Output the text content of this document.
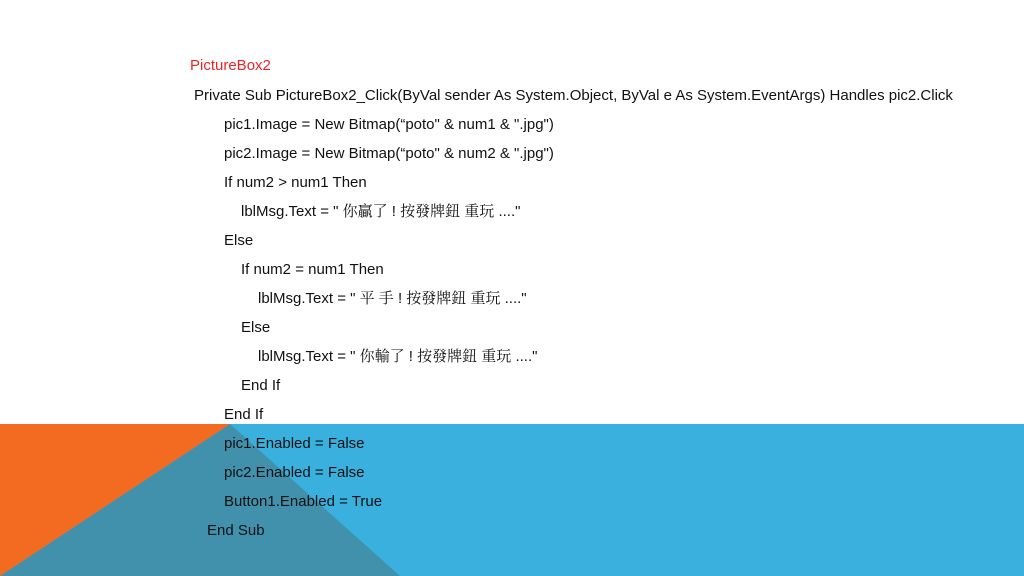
PictureBox2
Private Sub PictureBox2_Click(ByVal sender As System.Object, ByVal e As System.EventArgs) Handles pic2.Click
pic1.Image = New Bitmap(“poto" & num1 & ".jpg")
pic2.Image = New Bitmap(“poto" & num2 & ".jpg")
If num2 > num1 Then
lblMsg.Text = " 你贏了 ! 按發牌鈕 重玩 ...."
Else
If num2 = num1 Then
lblMsg.Text = " 平 手 ! 按發牌鈕 重玩 ...."
Else
lblMsg.Text = " 你輸了 ! 按發牌鈕 重玩 ...."
End If
End If
pic1.Enabled = False
pic2.Enabled = False
Button1.Enabled = True
End Sub
